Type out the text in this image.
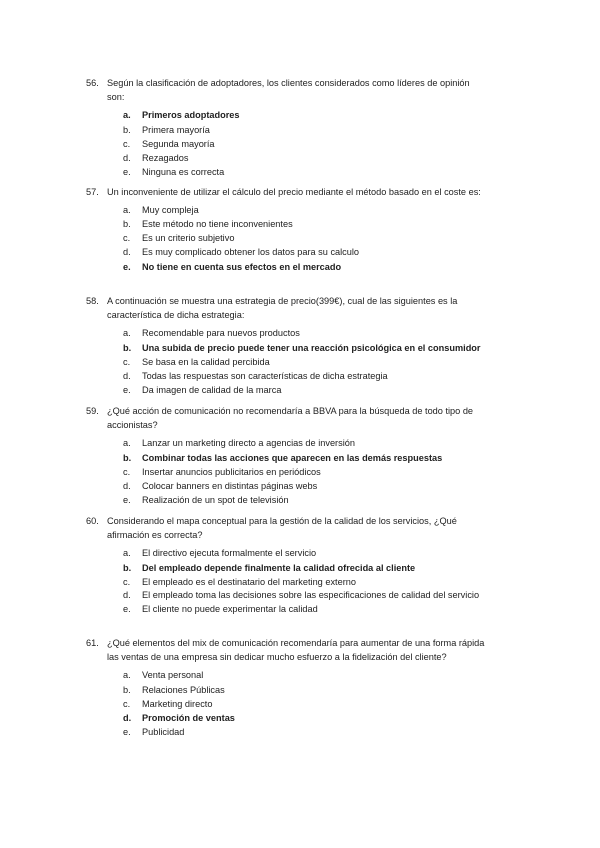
56. Según la clasificación de adoptadores, los clientes considerados como líderes de opinión son:
a.	Primeros adoptadores
b.	Primera mayoría
c.	Segunda mayoría
d.	Rezagados
e.	Ninguna es correcta
57. Un inconveniente de utilizar el cálculo del precio mediante el método basado en el coste es:
a.	Muy compleja
b.	Este método no tiene inconvenientes
c.	Es un criterio subjetivo
d.	Es muy complicado obtener los datos para su calculo
e.	No tiene en cuenta sus efectos en el mercado
58. A continuación se muestra una estrategia de precio(399€), cual de las siguientes es la característica de dicha estrategia:
a.	Recomendable para nuevos productos
b.	Una subida de precio puede tener una reacción psicológica en el consumidor
c.	Se basa en la calidad percibida
d.	Todas las respuestas son características de dicha estrategia
e.	Da imagen de calidad de la marca
59. ¿Qué acción de comunicación no recomendaría a BBVA para la búsqueda de todo tipo de accionistas?
a.	Lanzar un marketing directo a agencias de inversión
b.	Combinar todas las acciones que aparecen en las demás respuestas
c.	Insertar anuncios publicitarios en periódicos
d.	Colocar banners en distintas páginas webs
e.	Realización de un spot de televisión
60. Considerando el mapa conceptual para la gestión de la calidad de los servicios, ¿Qué afirmación es correcta?
a.	El directivo ejecuta formalmente el servicio
b.	Del empleado depende finalmente la calidad ofrecida al cliente
c.	El empleado es el destinatario del marketing externo
d.	El empleado toma las decisiones sobre las especificaciones de calidad del servicio
e.	El cliente no puede experimentar la calidad
61. ¿Qué elementos del mix de comunicación recomendaría para aumentar de una forma rápida las ventas de una empresa sin dedicar mucho esfuerzo a la fidelización del cliente?
a.	Venta personal
b.	Relaciones Públicas
c.	Marketing directo
d.	Promoción de ventas
e.	Publicidad
